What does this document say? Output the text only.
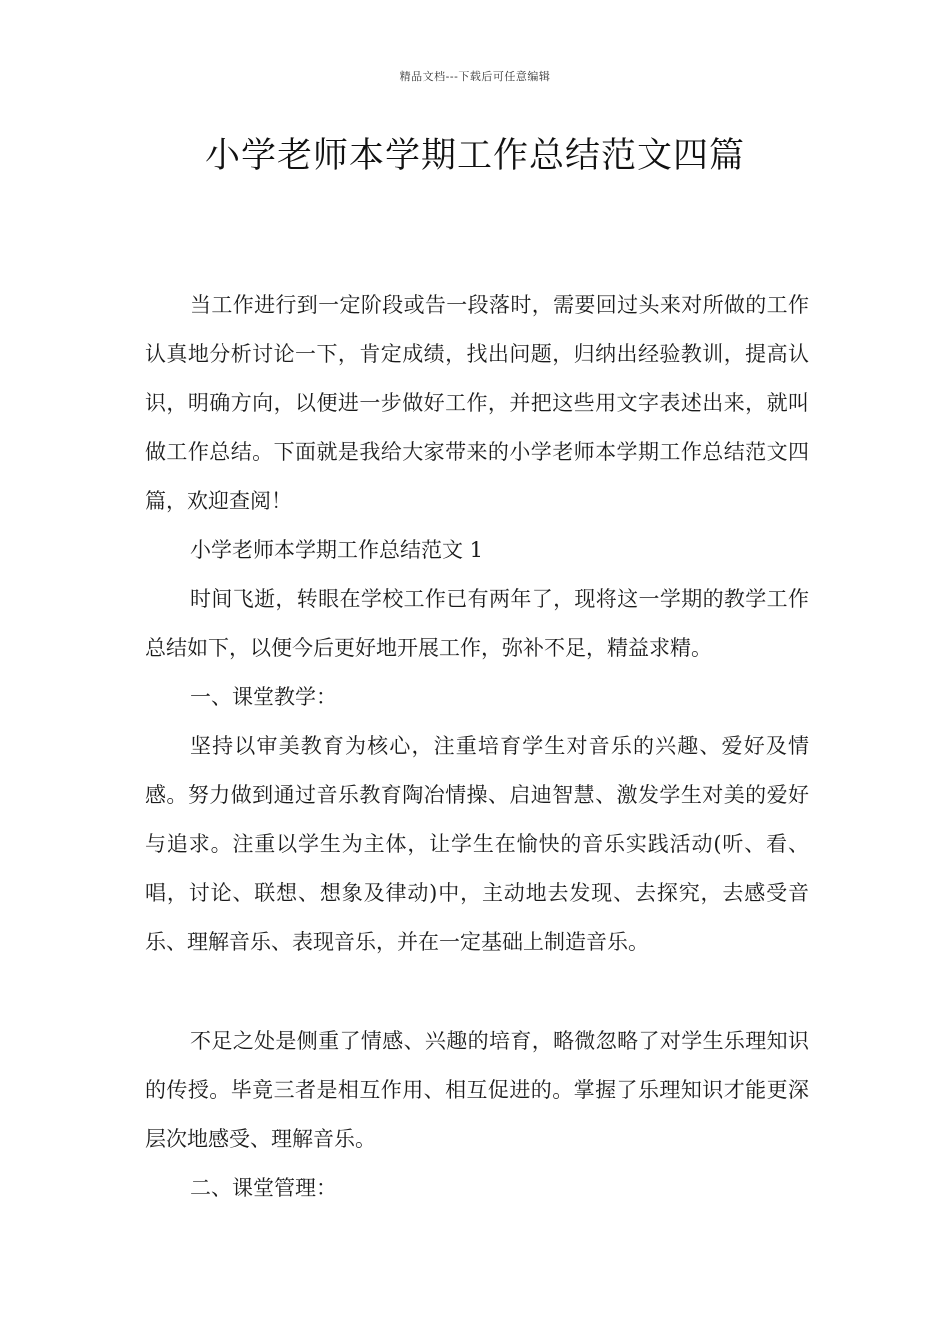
精品文档---下载后可任意编辑
小学老师本学期工作总结范文四篇

当工作进行到一定阶段或告一段落时，需要回过头来对所做的工作认真地分析讨论一下，肯定成绩，找出问题，归纳出经验教训，提高认识，明确方向，以便进一步做好工作，并把这些用文字表述出来，就叫做工作总结。下面就是我给大家带来的小学老师本学期工作总结范文四篇，欢迎查阅！

小学老师本学期工作总结范文 1

时间飞逝，转眼在学校工作已有两年了，现将这一学期的教学工作总结如下，以便今后更好地开展工作，弥补不足，精益求精。

一、课堂教学：

坚持以审美教育为核心，注重培育学生对音乐的兴趣、爱好及情感。努力做到通过音乐教育陶冶情操、启迪智慧、激发学生对美的爱好与追求。注重以学生为主体，让学生在愉快的音乐实践活动(听、看、唱，讨论、联想、想象及律动)中，主动地去发现、去探究，去感受音乐、理解音乐、表现音乐，并在一定基础上制造音乐。

不足之处是侧重了情感、兴趣的培育，略微忽略了对学生乐理知识的传授。毕竟三者是相互作用、相互促进的。掌握了乐理知识才能更深层次地感受、理解音乐。

二、课堂管理：
